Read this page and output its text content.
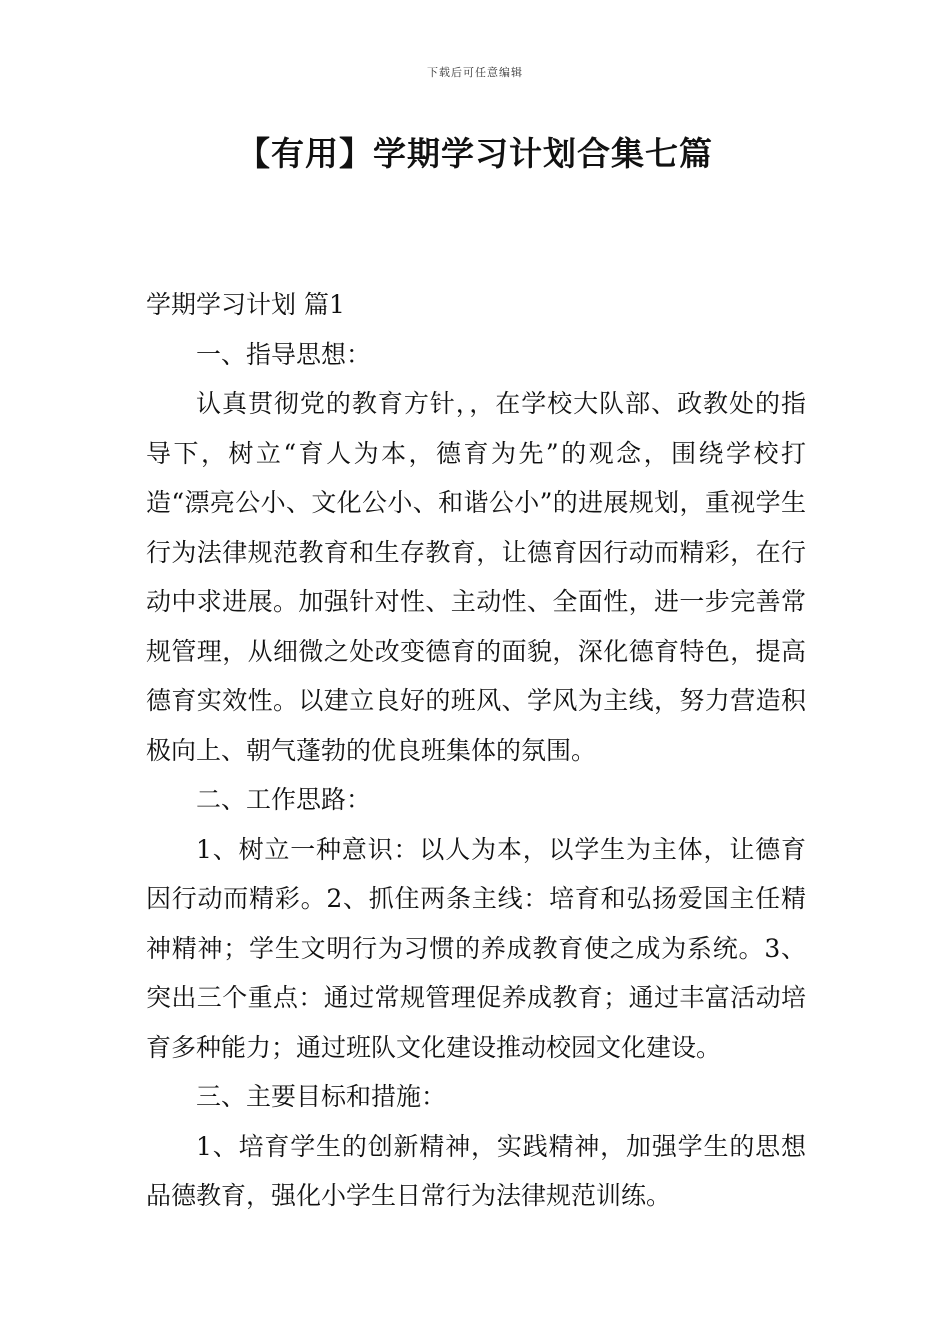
下载后可任意编辑
【有用】学期学习计划合集七篇

学期学习计划 篇1

一、指导思想：

认真贯彻党的教育方针，，在学校大队部、政教处的指导下，树立“育人为本，德育为先”的观念，围绕学校打造“漂亮公小、文化公小、和谐公小”的进展规划，重视学生行为法律规范教育和生存教育，让德育因行动而精彩，在行动中求进展。加强针对性、主动性、全面性，进一步完善常规管理，从细微之处改变德育的面貌，深化德育特色，提高德育实效性。以建立良好的班风、学风为主线，努力营造积极向上、朝气蓬勃的优良班集体的氛围。

二、工作思路：

1、树立一种意识：以人为本，以学生为主体，让德育因行动而精彩。2、抓住两条主线：培育和弘扬爱国主任精神精神；学生文明行为习惯的养成教育使之成为系统。3、突出三个重点：通过常规管理促养成教育；通过丰富活动培育多种能力；通过班队文化建设推动校园文化建设。

三、主要目标和措施：

1、培育学生的创新精神，实践精神，加强学生的思想品德教育，强化小学生日常行为法律规范训练。
